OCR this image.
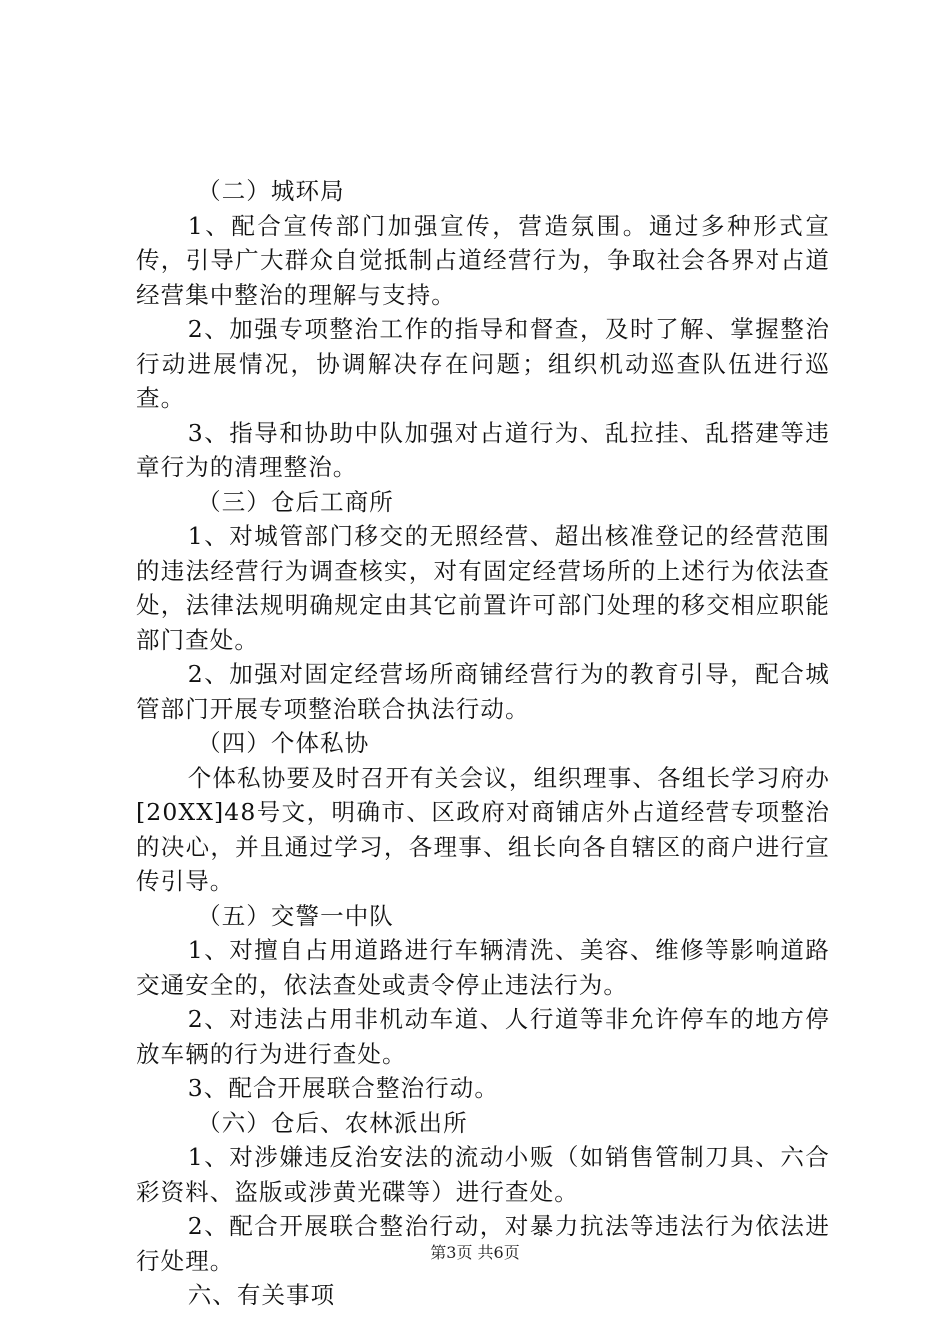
（二）城环局

1、配合宣传部门加强宣传，营造氛围。通过多种形式宣传，引导广大群众自觉抵制占道经营行为，争取社会各界对占道经营集中整治的理解与支持。

2、加强专项整治工作的指导和督查，及时了解、掌握整治行动进展情况，协调解决存在问题；组织机动巡查队伍进行巡查。

3、指导和协助中队加强对占道行为、乱拉挂、乱搭建等违章行为的清理整治。

（三）仓后工商所

1、对城管部门移交的无照经营、超出核准登记的经营范围的违法经营行为调查核实，对有固定经营场所的上述行为依法查处，法律法规明确规定由其它前置许可部门处理的移交相应职能部门查处。

2、加强对固定经营场所商铺经营行为的教育引导，配合城管部门开展专项整治联合执法行动。

（四）个体私协

个体私协要及时召开有关会议，组织理事、各组长学习府办[20XX]48号文，明确市、区政府对商铺店外占道经营专项整治的决心，并且通过学习，各理事、组长向各自辖区的商户进行宣传引导。

（五）交警一中队

1、对擅自占用道路进行车辆清洗、美容、维修等影响道路交通安全的，依法查处或责令停止违法行为。

2、对违法占用非机动车道、人行道等非允许停车的地方停放车辆的行为进行查处。

3、配合开展联合整治行动。

（六）仓后、农林派出所

1、对涉嫌违反治安法的流动小贩（如销售管制刀具、六合彩资料、盗版或涉黄光碟等）进行查处。

2、配合开展联合整治行动，对暴力抗法等违法行为依法进行处理。

六、有关事项

第3页 共6页
